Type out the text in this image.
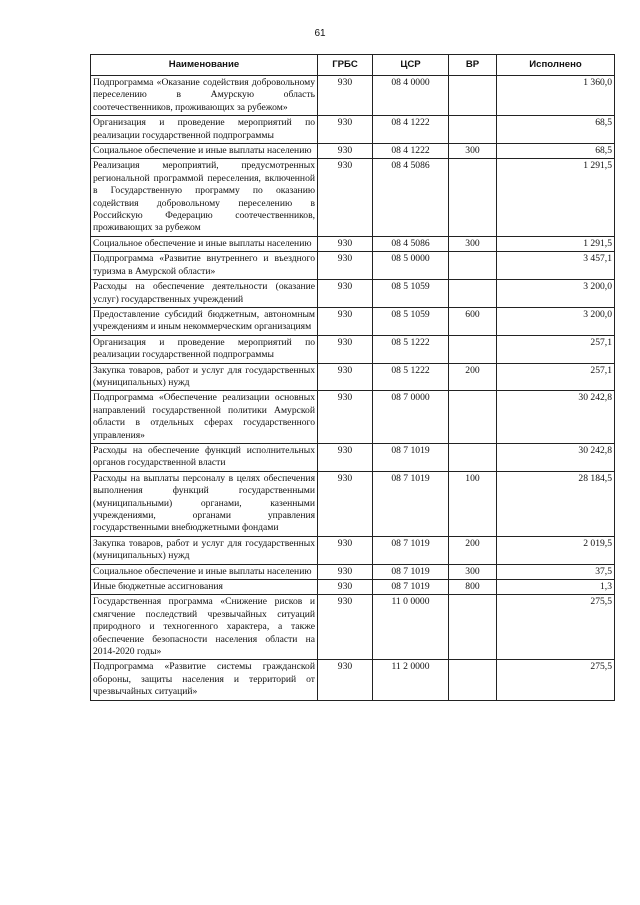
61
Наименование	ГРБС	ЦСР	ВР	Исполнено
Подпрограмма «Оказание содействия добровольному переселению в Амурскую область соотечественников, проживающих за рубежом»	930	08 4 0000		1 360,0
Организация и проведение мероприятий по реализации государственной подпрограммы	930	08 4 1222		68,5
Социальное обеспечение и иные выплаты населению	930	08 4 1222	300	68,5
Реализация мероприятий, предусмотренных региональной программой переселения, включенной в Государственную программу по оказанию содействия добровольному переселению в Российскую Федерацию соотечественников, проживающих за рубежом	930	08 4 5086		1 291,5
Социальное обеспечение и иные выплаты населению	930	08 4 5086	300	1 291,5
Подпрограмма «Развитие внутреннего и въездного туризма в Амурской области»	930	08 5 0000		3 457,1
Расходы на обеспечение деятельности (оказание услуг) государственных учреждений	930	08 5 1059		3 200,0
Предоставление субсидий бюджетным, автономным учреждениям и иным некоммерческим организациям	930	08 5 1059	600	3 200,0
Организация и проведение мероприятий по реализации государственной подпрограммы	930	08 5 1222		257,1
Закупка товаров, работ и услуг для государственных (муниципальных) нужд	930	08 5 1222	200	257,1
Подпрограмма «Обеспечение реализации основных направлений государственной политики Амурской области в отдельных сферах государственного управления»	930	08 7 0000		30 242,8
Расходы на обеспечение функций исполнительных органов государственной власти	930	08 7 1019		30 242,8
Расходы на выплаты персоналу в целях обеспечения выполнения функций государственными (муниципальными) органами, казенными учреждениями, органами управления государственными внебюджетными фондами	930	08 7 1019	100	28 184,5
Закупка товаров, работ и услуг для государственных (муниципальных) нужд	930	08 7 1019	200	2 019,5
Социальное обеспечение и иные выплаты населению	930	08 7 1019	300	37,5
Иные бюджетные ассигнования	930	08 7 1019	800	1,3
Государственная программа «Снижение рисков и смягчение последствий чрезвычайных ситуаций природного и техногенного характера, а также обеспечение безопасности населения области на 2014-2020 годы»	930	11 0 0000		275,5
Подпрограмма «Развитие системы гражданской обороны, защиты населения и территорий от чрезвычайных ситуаций»	930	11 2 0000		275,5
